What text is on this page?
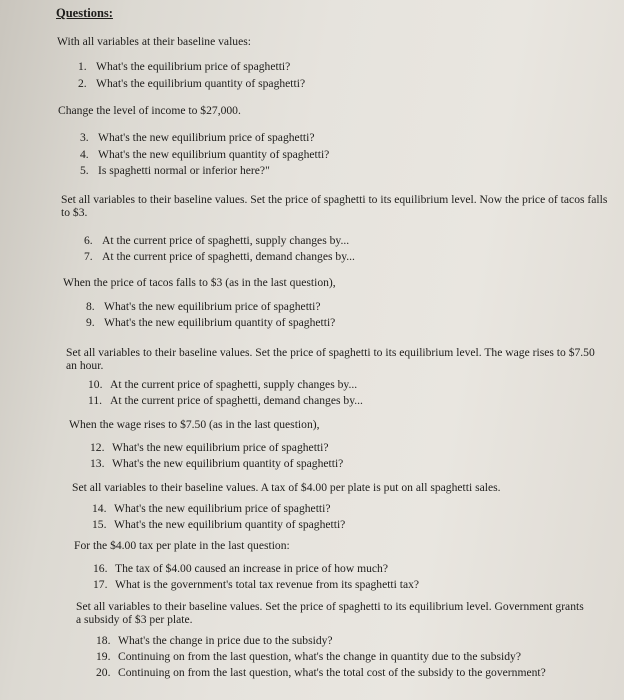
Questions:
With all variables at their baseline values:
1. What's the equilibrium price of spaghetti?
2. What's the equilibrium quantity of spaghetti?
Change the level of income to $27,000.
3. What's the new equilibrium price of spaghetti?
4. What's the new equilibrium quantity of spaghetti?
5. Is spaghetti normal or inferior here?"
Set all variables to their baseline values. Set the price of spaghetti to its equilibrium level. Now the price of tacos falls to $3.
6. At the current price of spaghetti, supply changes by...
7. At the current price of spaghetti, demand changes by...
When the price of tacos falls to $3 (as in the last question),
8. What's the new equilibrium price of spaghetti?
9. What's the new equilibrium quantity of spaghetti?
Set all variables to their baseline values. Set the price of spaghetti to its equilibrium level. The wage rises to $7.50 an hour.
10. At the current price of spaghetti, supply changes by...
11. At the current price of spaghetti, demand changes by...
When the wage rises to $7.50 (as in the last question),
12. What's the new equilibrium price of spaghetti?
13. What's the new equilibrium quantity of spaghetti?
Set all variables to their baseline values. A tax of $4.00 per plate is put on all spaghetti sales.
14. What's the new equilibrium price of spaghetti?
15. What's the new equilibrium quantity of spaghetti?
For the $4.00 tax per plate in the last question:
16. The tax of $4.00 caused an increase in price of how much?
17. What is the government's total tax revenue from its spaghetti tax?
Set all variables to their baseline values. Set the price of spaghetti to its equilibrium level. Government grants a subsidy of $3 per plate.
18. What's the change in price due to the subsidy?
19. Continuing on from the last question, what's the change in quantity due to the subsidy?
20. Continuing on from the last question, what's the total cost of the subsidy to the government?
